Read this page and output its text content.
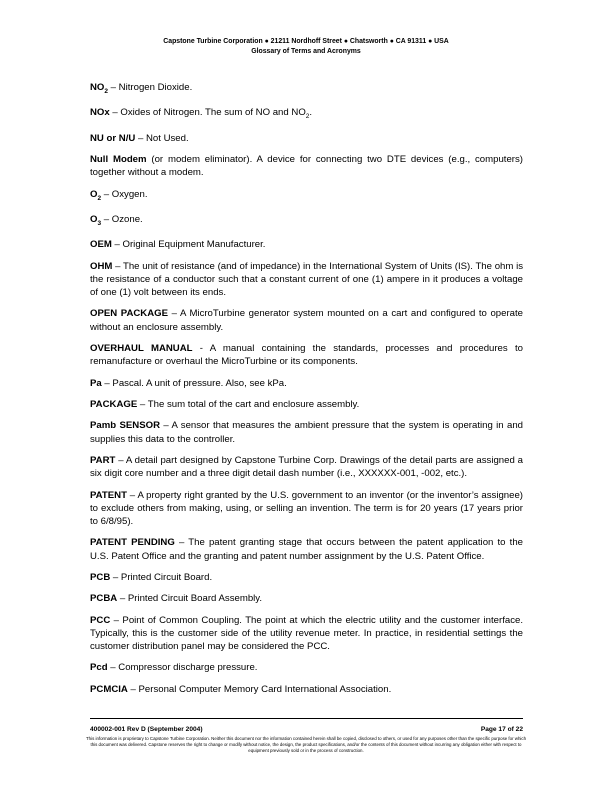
Capstone Turbine Corporation ● 21211 Nordhoff Street ● Chatsworth ● CA 91311 ● USA
Glossary of Terms and Acronyms

$NO_2$ – Nitrogen Dioxide.

NOx – Oxides of Nitrogen. The sum of NO and $NO_2$.

NU or N/U – Not Used.

Null Modem (or modem eliminator). A device for connecting two DTE devices (e.g., computers) together without a modem.

$O_2$ – Oxygen.

$O_3$ – Ozone.

OEM – Original Equipment Manufacturer.

OHM – The unit of resistance (and of impedance) in the International System of Units (IS). The ohm is the resistance of a conductor such that a constant current of one (1) ampere in it produces a voltage of one (1) volt between its ends.

OPEN PACKAGE – A MicroTurbine generator system mounted on a cart and configured to operate without an enclosure assembly.

OVERHAUL MANUAL - A manual containing the standards, processes and procedures to remanufacture or overhaul the MicroTurbine or its components.

Pa – Pascal. A unit of pressure. Also, see kPa.

PACKAGE – The sum total of the cart and enclosure assembly.

Pamb SENSOR – A sensor that measures the ambient pressure that the system is operating in and supplies this data to the controller.

PART – A detail part designed by Capstone Turbine Corp. Drawings of the detail parts are assigned a six digit core number and a three digit detail dash number (i.e., XXXXXX-001, -002, etc.).

PATENT – A property right granted by the U.S. government to an inventor (or the inventor’s assignee) to exclude others from making, using, or selling an invention. The term is for 20 years (17 years prior to 6/8/95).

PATENT PENDING – The patent granting stage that occurs between the patent application to the U.S. Patent Office and the granting and patent number assignment by the U.S. Patent Office.

PCB – Printed Circuit Board.

PCBA – Printed Circuit Board Assembly.

PCC – Point of Common Coupling. The point at which the electric utility and the customer interface. Typically, this is the customer side of the utility revenue meter. In practice, in residential settings the customer distribution panel may be considered the PCC.

Pcd – Compressor discharge pressure.

PCMCIA – Personal Computer Memory Card International Association.

400002-001 Rev D (September 2004)	Page 17 of 22
This information is proprietary to Capstone Turbine Corporation. Neither this document nor the information contained herein shall be copied, disclosed to others, or used for any purposes other than the specific purpose for which this document was delivered. Capstone reserves the right to change or modify without notice, the design, the product specifications, and/or the contents of this document without incurring any obligation either with respect to equipment previously sold or in the process of construction.
